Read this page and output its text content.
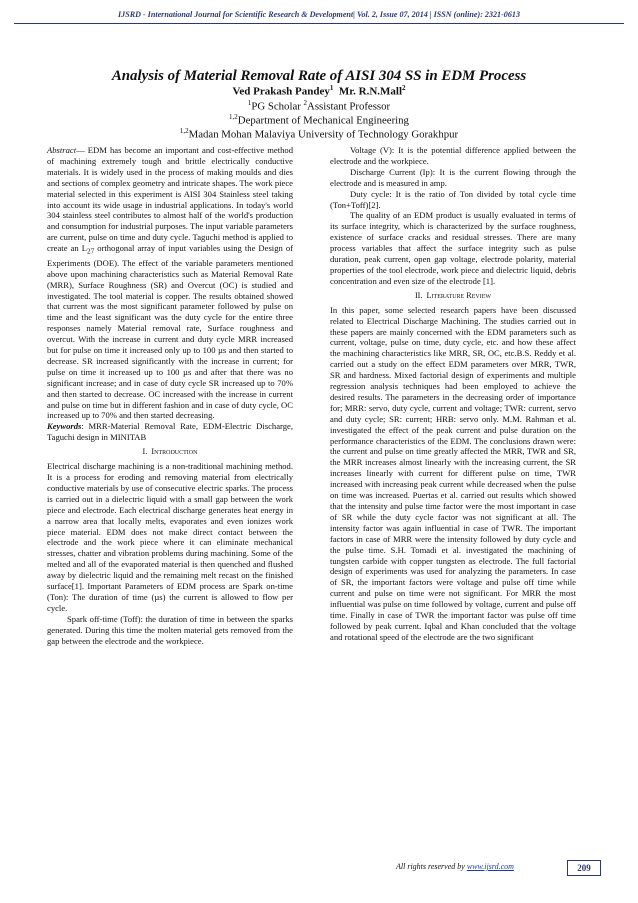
IJSRD - International Journal for Scientific Research & Development| Vol. 2, Issue 07, 2014 | ISSN (online): 2321-0613
Analysis of Material Removal Rate of AISI 304 SS in EDM Process
Ved Prakash Pandey$^1$ Mr. R.N.Mall$^2$
$^1$PG Scholar $^2$Assistant Professor
$^{1,2}$Department of Mechanical Engineering
$^{1,2}$Madan Mohan Malaviya University of Technology Gorakhpur

Abstract— EDM has become an important and cost-effective method of machining extremely tough and brittle electrically conductive materials. It is widely used in the process of making moulds and dies and sections of complex geometry and intricate shapes. The work piece material selected in this experiment is AISI 304 Stainless steel taking into account its wide usage in industrial applications. In today's world 304 stainless steel contributes to almost half of the world's production and consumption for industrial purposes. The input variable parameters are current, pulse on time and duty cycle. Taguchi method is applied to create an $L_{27}$ orthogonal array of input variables using the Design of Experiments (DOE). The effect of the variable parameters mentioned above upon machining characteristics such as Material Removal Rate (MRR), Surface Roughness (SR) and Overcut (OC) is studied and investigated. The tool material is copper. The results obtained showed that current was the most significant parameter followed by pulse on time and the least significant was the duty cycle for the entire three responses namely Material removal rate, Surface roughness and overcut. With the increase in current and duty cycle MRR increased but for pulse on time it increased only up to 100 µs and then started to decrease. SR increased significantly with the increase in current; for pulse on time it increased up to 100 µs and after that there was no significant increase; and in case of duty cycle SR increased up to 70% and then started to decrease. OC increased with the increase in current and pulse on time but in different fashion and in case of duty cycle, OC increased up to 70% and then started decreasing.

Keywords: MRR-Material Removal Rate, EDM-Electric Discharge, Taguchi design in MINITAB

I. Introduction

Electrical discharge machining is a non-traditional machining method. It is a process for eroding and removing material from electrically conductive materials by use of consecutive electric sparks. The process is carried out in a dielectric liquid with a small gap between the work piece and electrode. Each electrical discharge generates heat energy in a narrow area that locally melts, evaporates and even ionizes work piece material. EDM does not make direct contact between the electrode and the work piece where it can eliminate mechanical stresses, chatter and vibration problems during machining. Some of the melted and all of the evaporated material is then quenched and flushed away by dielectric liquid and the remaining melt recast on the finished surface[1]. Important Parameters of EDM process are Spark on-time (Ton): The duration of time (µs) the current is allowed to flow per cycle.

Spark off-time (Toff): the duration of time in between the sparks generated. During this time the molten material gets removed from the gap between the electrode and the workpiece.

Voltage (V): It is the potential difference applied between the electrode and the workpiece.

Discharge Current (Ip): It is the current flowing through the electrode and is measured in amp.

Duty cycle: It is the ratio of Ton divided by total cycle time (Ton+Toff)[2].

The quality of an EDM product is usually evaluated in terms of its surface integrity, which is characterized by the surface roughness, existence of surface cracks and residual stresses. There are many process variables that affect the surface integrity such as pulse duration, peak current, open gap voltage, electrode polarity, material properties of the tool electrode, work piece and dielectric liquid, debris concentration and even size of the electrode [1].

II. Literature Review

In this paper, some selected research papers have been discussed related to Electrical Discharge Machining. The studies carried out in these papers are mainly concerned with the EDM parameters such as current, voltage, pulse on time, duty cycle, etc. and how these affect the machining characteristics like MRR, SR, OC, etc.B.S. Reddy et al. carried out a study on the effect EDM parameters over MRR, TWR, SR and hardness. Mixed factorial design of experiments and multiple regression analysis techniques had been employed to achieve the desired results. The parameters in the decreasing order of importance for; MRR: servo, duty cycle, current and voltage; TWR: current, servo and duty cycle; SR: current; HRB: servo only. M.M. Rahman et al. investigated the effect of the peak current and pulse duration on the performance characteristics of the EDM. The conclusions drawn were: the current and pulse on time greatly affected the MRR, TWR and SR, the MRR increases almost linearly with the increasing current, the SR increases linearly with current for different pulse on time, TWR increased with increasing peak current while decreased when the pulse on time was increased. Puertas et al. carried out results which showed that the intensity and pulse time factor were the most important in case of SR while the duty cycle factor was not significant at all. The intensity factor was again influential in case of TWR. The important factors in case of MRR were the intensity followed by duty cycle and the pulse time. S.H. Tomadi et al. investigated the machining of tungsten carbide with copper tungsten as electrode. The full factorial design of experiments was used for analyzing the parameters. In case of SR, the important factors were voltage and pulse off time while current and pulse on time were not significant. For MRR the most influential was pulse on time followed by voltage, current and pulse off time. Finally in case of TWR the important factor was pulse off time followed by peak current. Iqbal and Khan concluded that the voltage and rotational speed of the electrode are the two significant

All rights reserved by www.ijsrd.com	209
